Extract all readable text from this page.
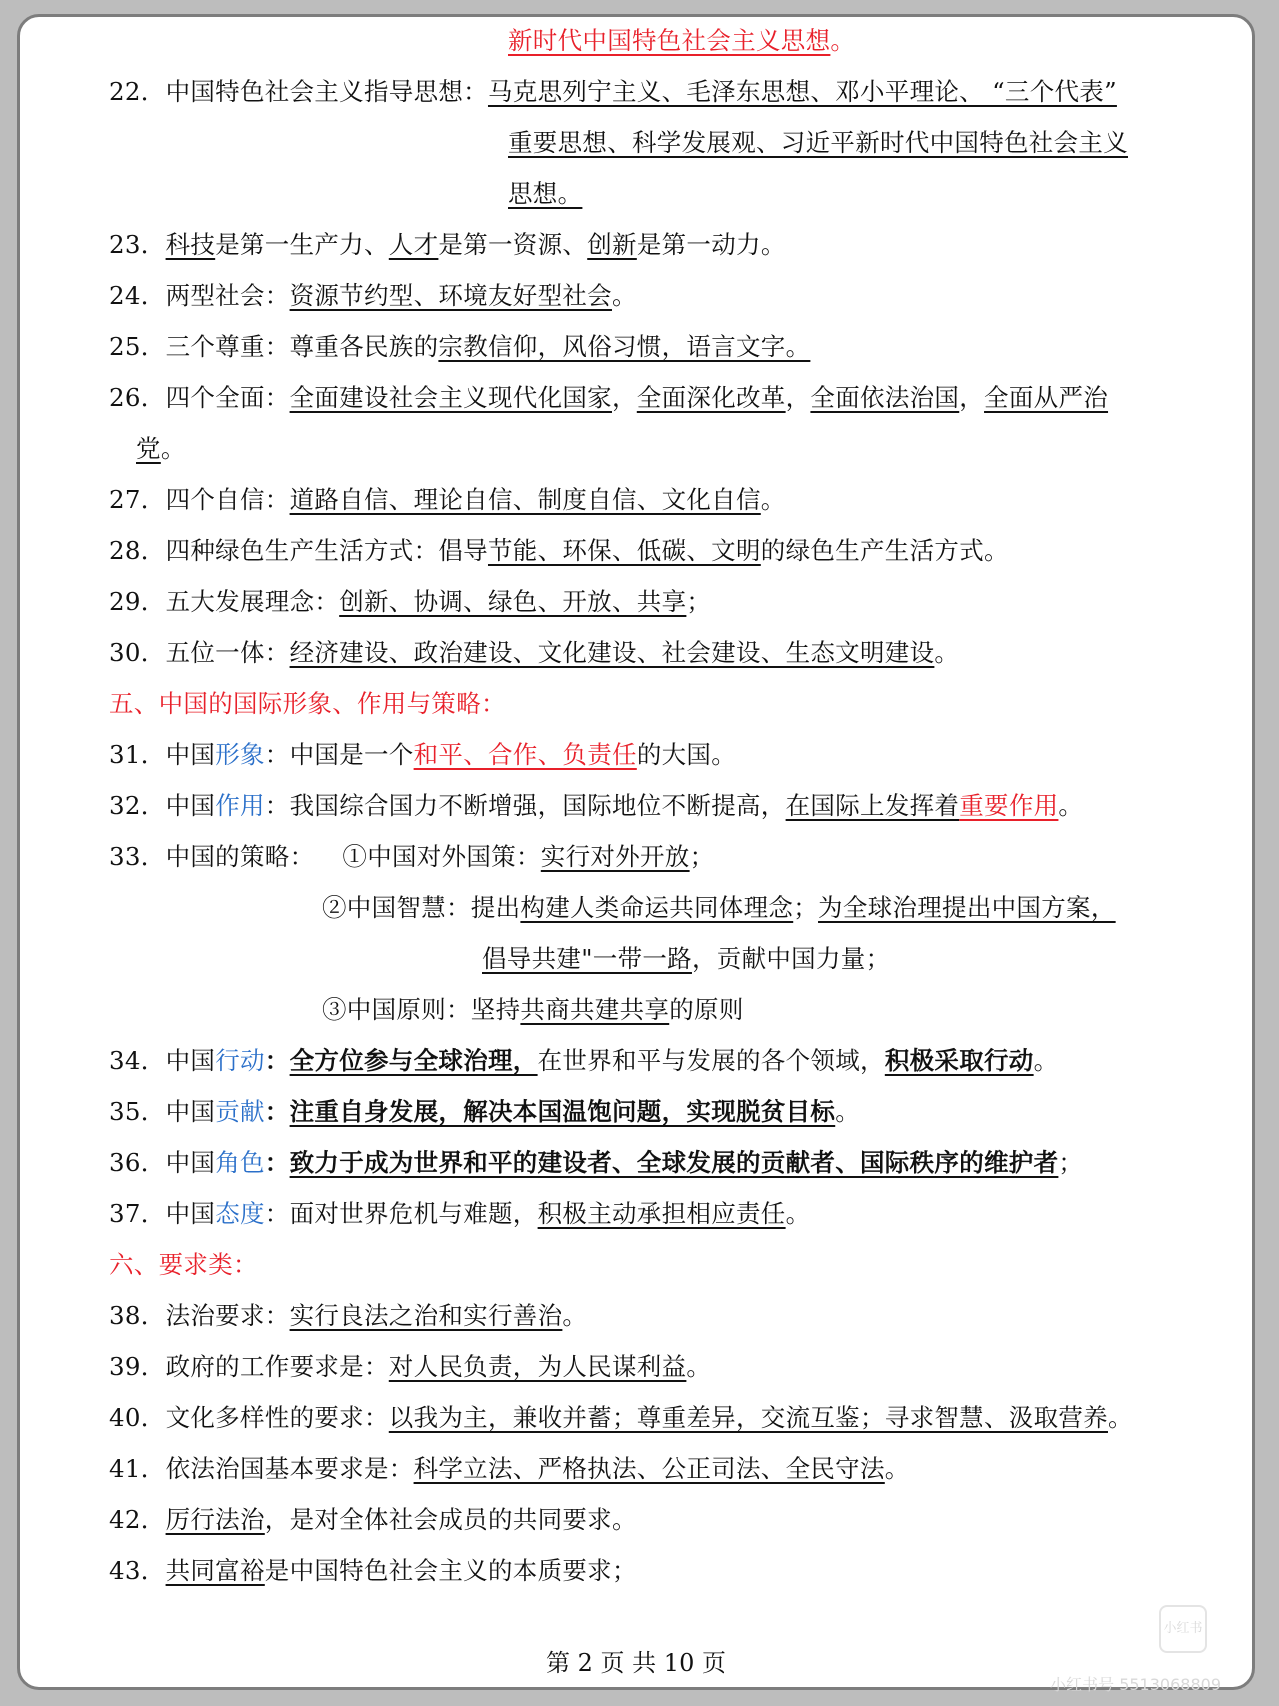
新时代中国特色社会主义思想。
22．中国特色社会主义指导思想：马克思列宁主义、毛泽东思想、邓小平理论、 “三个代表”
重要思想、科学发展观、习近平新时代中国特色社会主义
思想。
23．科技是第一生产力、人才是第一资源、创新是第一动力。
24．两型社会：资源节约型、环境友好型社会。
25．三个尊重：尊重各民族的宗教信仰，风俗习惯，语言文字。
26．四个全面：全面建设社会主义现代化国家，全面深化改革，全面依法治国，全面从严治
党。
27．四个自信：道路自信、理论自信、制度自信、文化自信。
28．四种绿色生产生活方式：倡导节能、环保、低碳、文明的绿色生产生活方式。
29．五大发展理念：创新、协调、绿色、开放、共享；
30．五位一体：经济建设、政治建设、文化建设、社会建设、生态文明建设。
五、中国的国际形象、作用与策略：
31．中国形象：中国是一个和平、合作、负责任的大国。
32．中国作用：我国综合国力不断增强，国际地位不断提高，在国际上发挥着重要作用。
33．中国的策略： ①中国对外国策：实行对外开放；
②中国智慧：提出构建人类命运共同体理念；为全球治理提出中国方案，
倡导共建"一带一路，贡献中国力量；
③中国原则：坚持共商共建共享的原则
34．中国行动：全方位参与全球治理，在世界和平与发展的各个领域，积极采取行动。
35．中国贡献：注重自身发展，解决本国温饱问题，实现脱贫目标。
36．中国角色：致力于成为世界和平的建设者、全球发展的贡献者、国际秩序的维护者；
37．中国态度：面对世界危机与难题，积极主动承担相应责任。
六、要求类：
38．法治要求：实行良法之治和实行善治。
39．政府的工作要求是：对人民负责，为人民谋利益。
40．文化多样性的要求：以我为主，兼收并蓄；尊重差异，交流互鉴；寻求智慧、汲取营养。
41．依法治国基本要求是：科学立法、严格执法、公正司法、全民守法。
42．厉行法治，是对全体社会成员的共同要求。
43．共同富裕是中国特色社会主义的本质要求；
第 2 页 共 10 页
小红书
小红书号 5513068809
